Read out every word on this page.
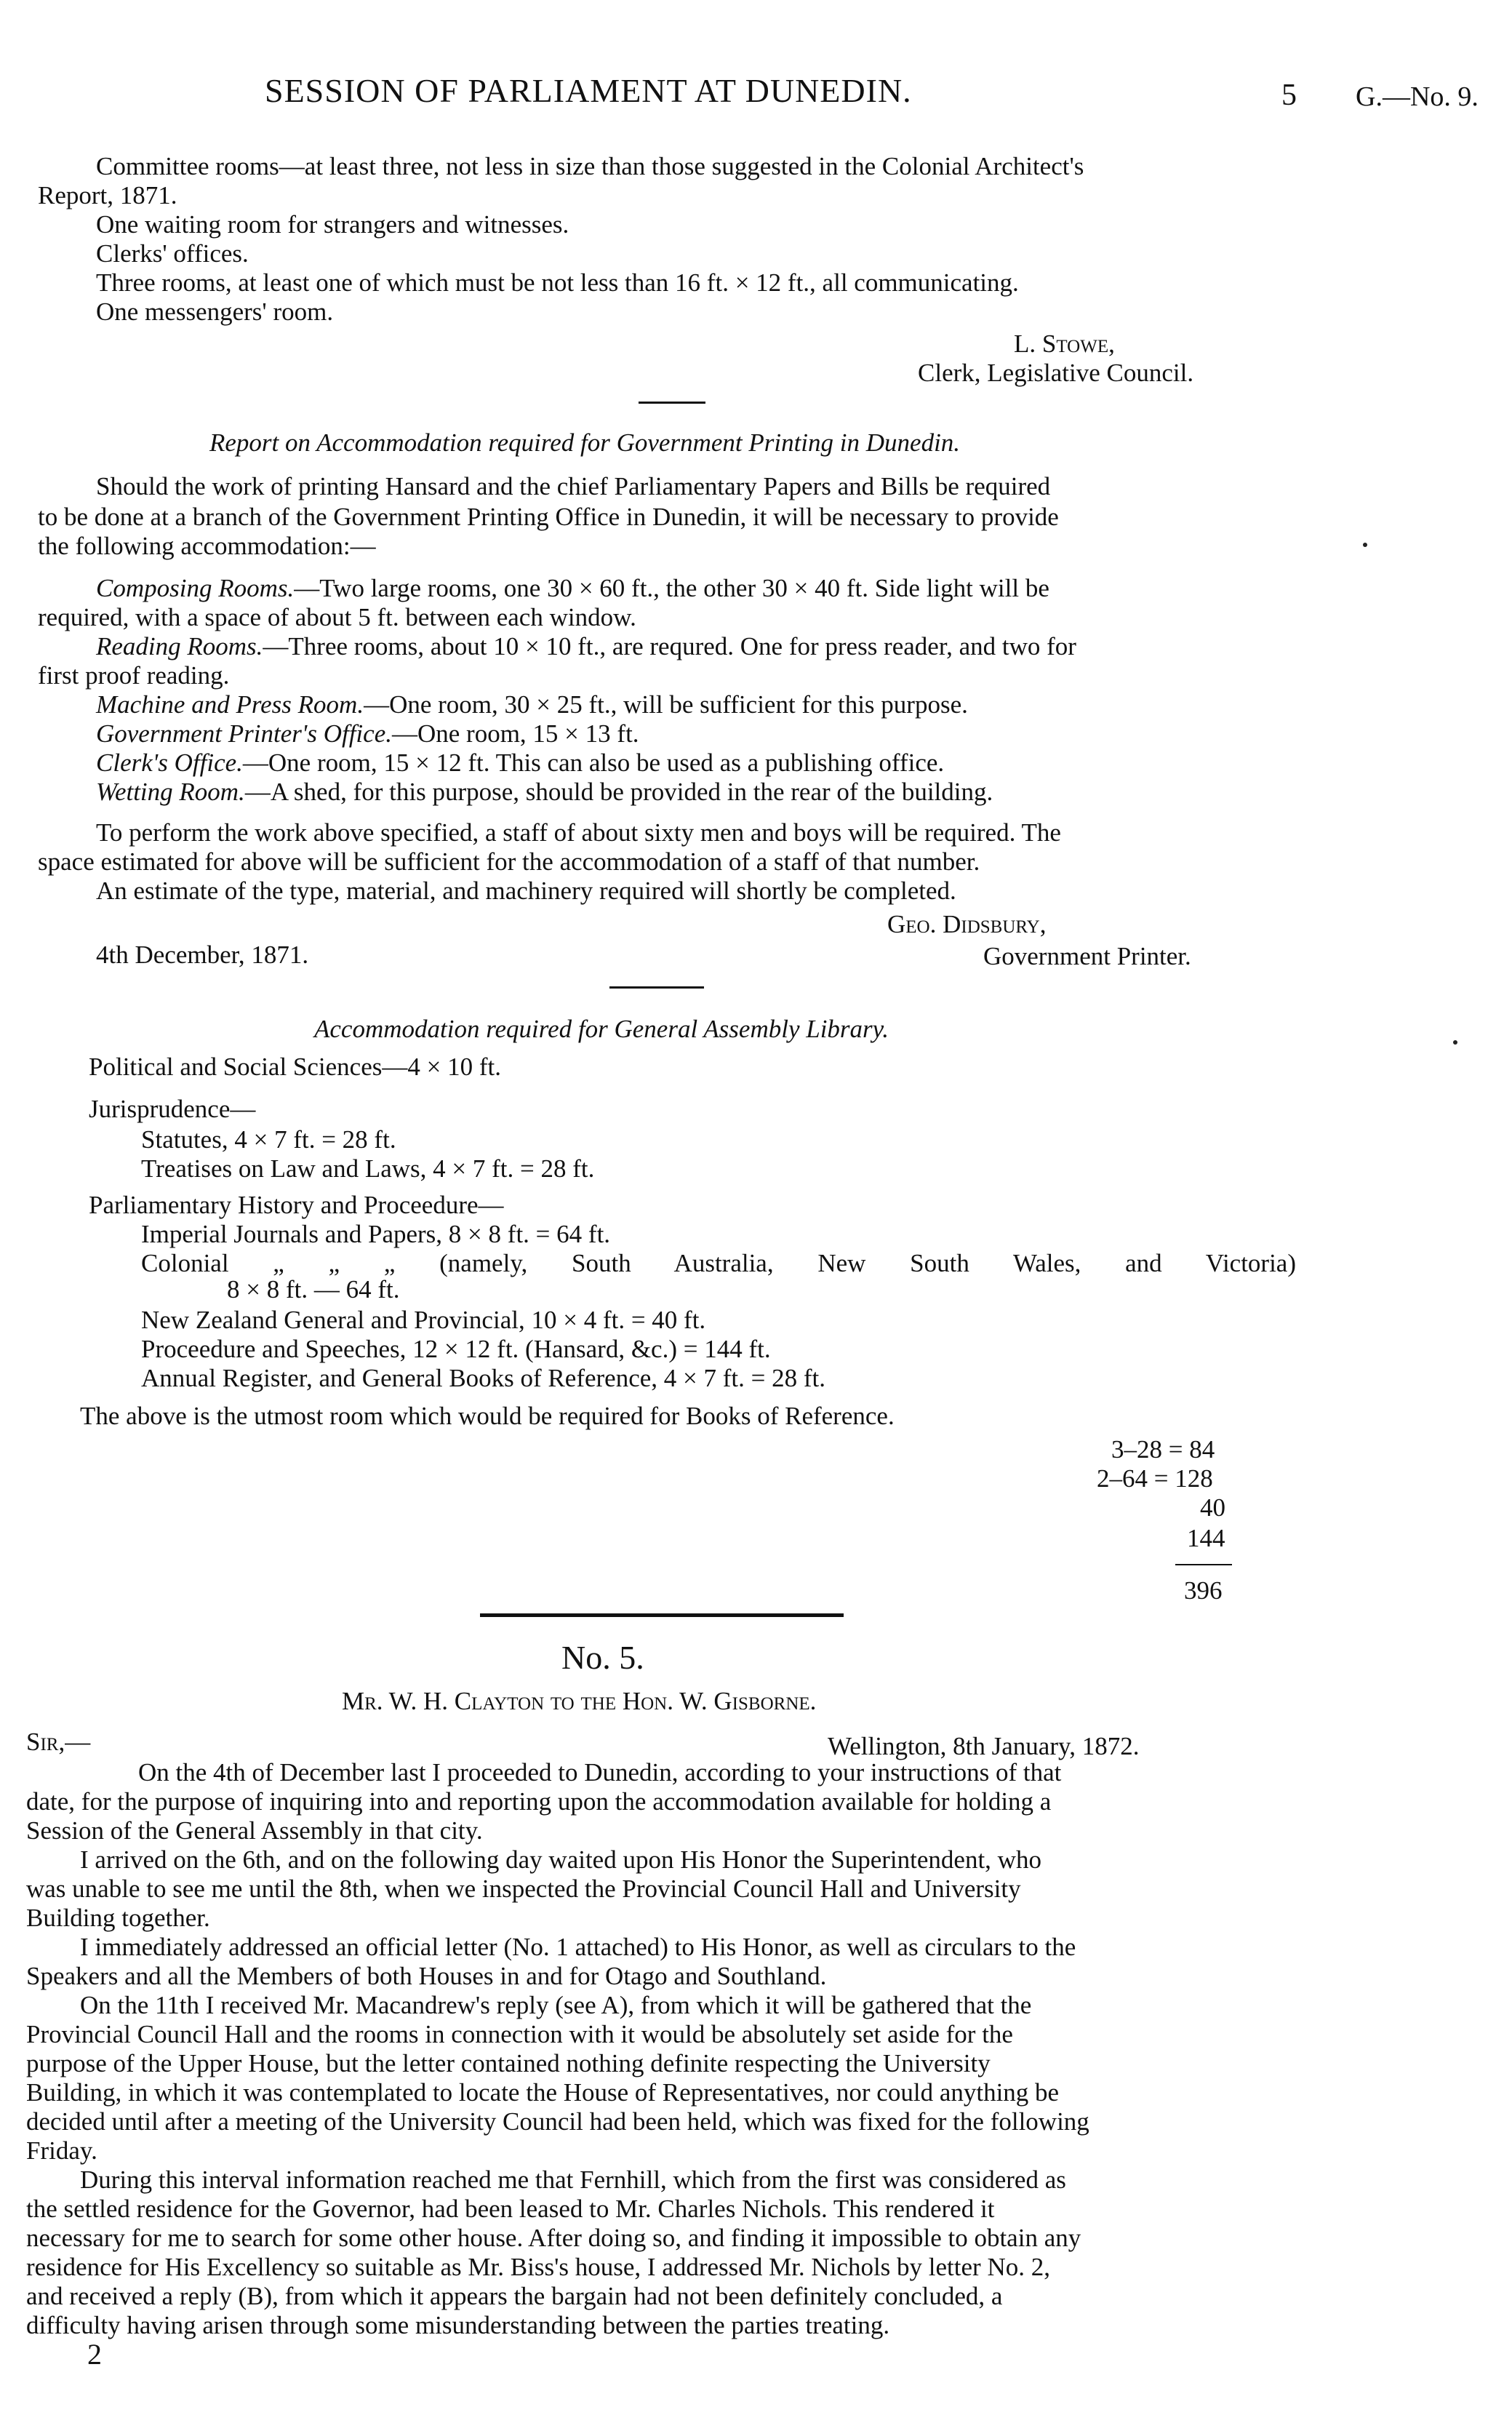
SESSION OF PARLIAMENT AT DUNEDIN.	5 G.—No. 9.
Committee rooms—at least three, not less in size than those suggested in the Colonial Architect's
Report, 1871.
One waiting room for strangers and witnesses.
Clerks' offices.
Three rooms, at least one of which must be not less than 16 ft. × 12 ft., all communicating.
One messengers' room.
L. Stowe,
Clerk, Legislative Council.
Report on Accommodation required for Government Printing in Dunedin.
Should the work of printing Hansard and the chief Parliamentary Papers and Bills be required
to be done at a branch of the Government Printing Office in Dunedin, it will be necessary to provide
the following accommodation:—
Composing Rooms.—Two large rooms, one 30 × 60 ft., the other 30 × 40 ft. Side light will be
required, with a space of about 5 ft. between each window.
Reading Rooms.—Three rooms, about 10 × 10 ft., are requred. One for press reader, and two for
first proof reading.
Machine and Press Room.—One room, 30 × 25 ft., will be sufficient for this purpose.
Government Printer's Office.—One room, 15 × 13 ft.
Clerk's Office.—One room, 15 × 12 ft. This can also be used as a publishing office.
Wetting Room.—A shed, for this purpose, should be provided in the rear of the building.
To perform the work above specified, a staff of about sixty men and boys will be required. The
space estimated for above will be sufficient for the accommodation of a staff of that number.
An estimate of the type, material, and machinery required will shortly be completed.
Geo. Didsbury,
4th December, 1871.	Government Printer.
Accommodation required for General Assembly Library.
Political and Social Sciences—4 × 10 ft.
Jurisprudence—
Statutes, 4 × 7 ft. = 28 ft.
Treatises on Law and Laws, 4 × 7 ft. = 28 ft.
Parliamentary History and Proceedure—
Imperial Journals and Papers, 8 × 8 ft. = 64 ft.
Colonial „ „ „ (namely, South Australia, New South Wales, and Victoria)
8 × 8 ft. — 64 ft.
New Zealand General and Provincial, 10 × 4 ft. = 40 ft.
Proceedure and Speeches, 12 × 12 ft. (Hansard, &c.) = 144 ft.
Annual Register, and General Books of Reference, 4 × 7 ft. = 28 ft.
The above is the utmost room which would be required for Books of Reference.
3–28 = 84
2–64 = 128
40
144
396
No. 5.
Mr. W. H. Clayton to the Hon. W. Gisborne.
Sir,—	Wellington, 8th January, 1872.
On the 4th of December last I proceeded to Dunedin, according to your instructions of that
date, for the purpose of inquiring into and reporting upon the accommodation available for holding a
Session of the General Assembly in that city.
I arrived on the 6th, and on the following day waited upon His Honor the Superintendent, who
was unable to see me until the 8th, when we inspected the Provincial Council Hall and University
Building together.
I immediately addressed an official letter (No. 1 attached) to His Honor, as well as circulars to the
Speakers and all the Members of both Houses in and for Otago and Southland.
On the 11th I received Mr. Macandrew's reply (see A), from which it will be gathered that the
Provincial Council Hall and the rooms in connection with it would be absolutely set aside for the
purpose of the Upper House, but the letter contained nothing definite respecting the University
Building, in which it was contemplated to locate the House of Representatives, nor could anything be
decided until after a meeting of the University Council had been held, which was fixed for the following
Friday.
During this interval information reached me that Fernhill, which from the first was considered as
the settled residence for the Governor, had been leased to Mr. Charles Nichols. This rendered it
necessary for me to search for some other house. After doing so, and finding it impossible to obtain any
residence for His Excellency so suitable as Mr. Biss's house, I addressed Mr. Nichols by letter No. 2,
and received a reply (B), from which it appears the bargain had not been definitely concluded, a
difficulty having arisen through some misunderstanding between the parties treating.
2
